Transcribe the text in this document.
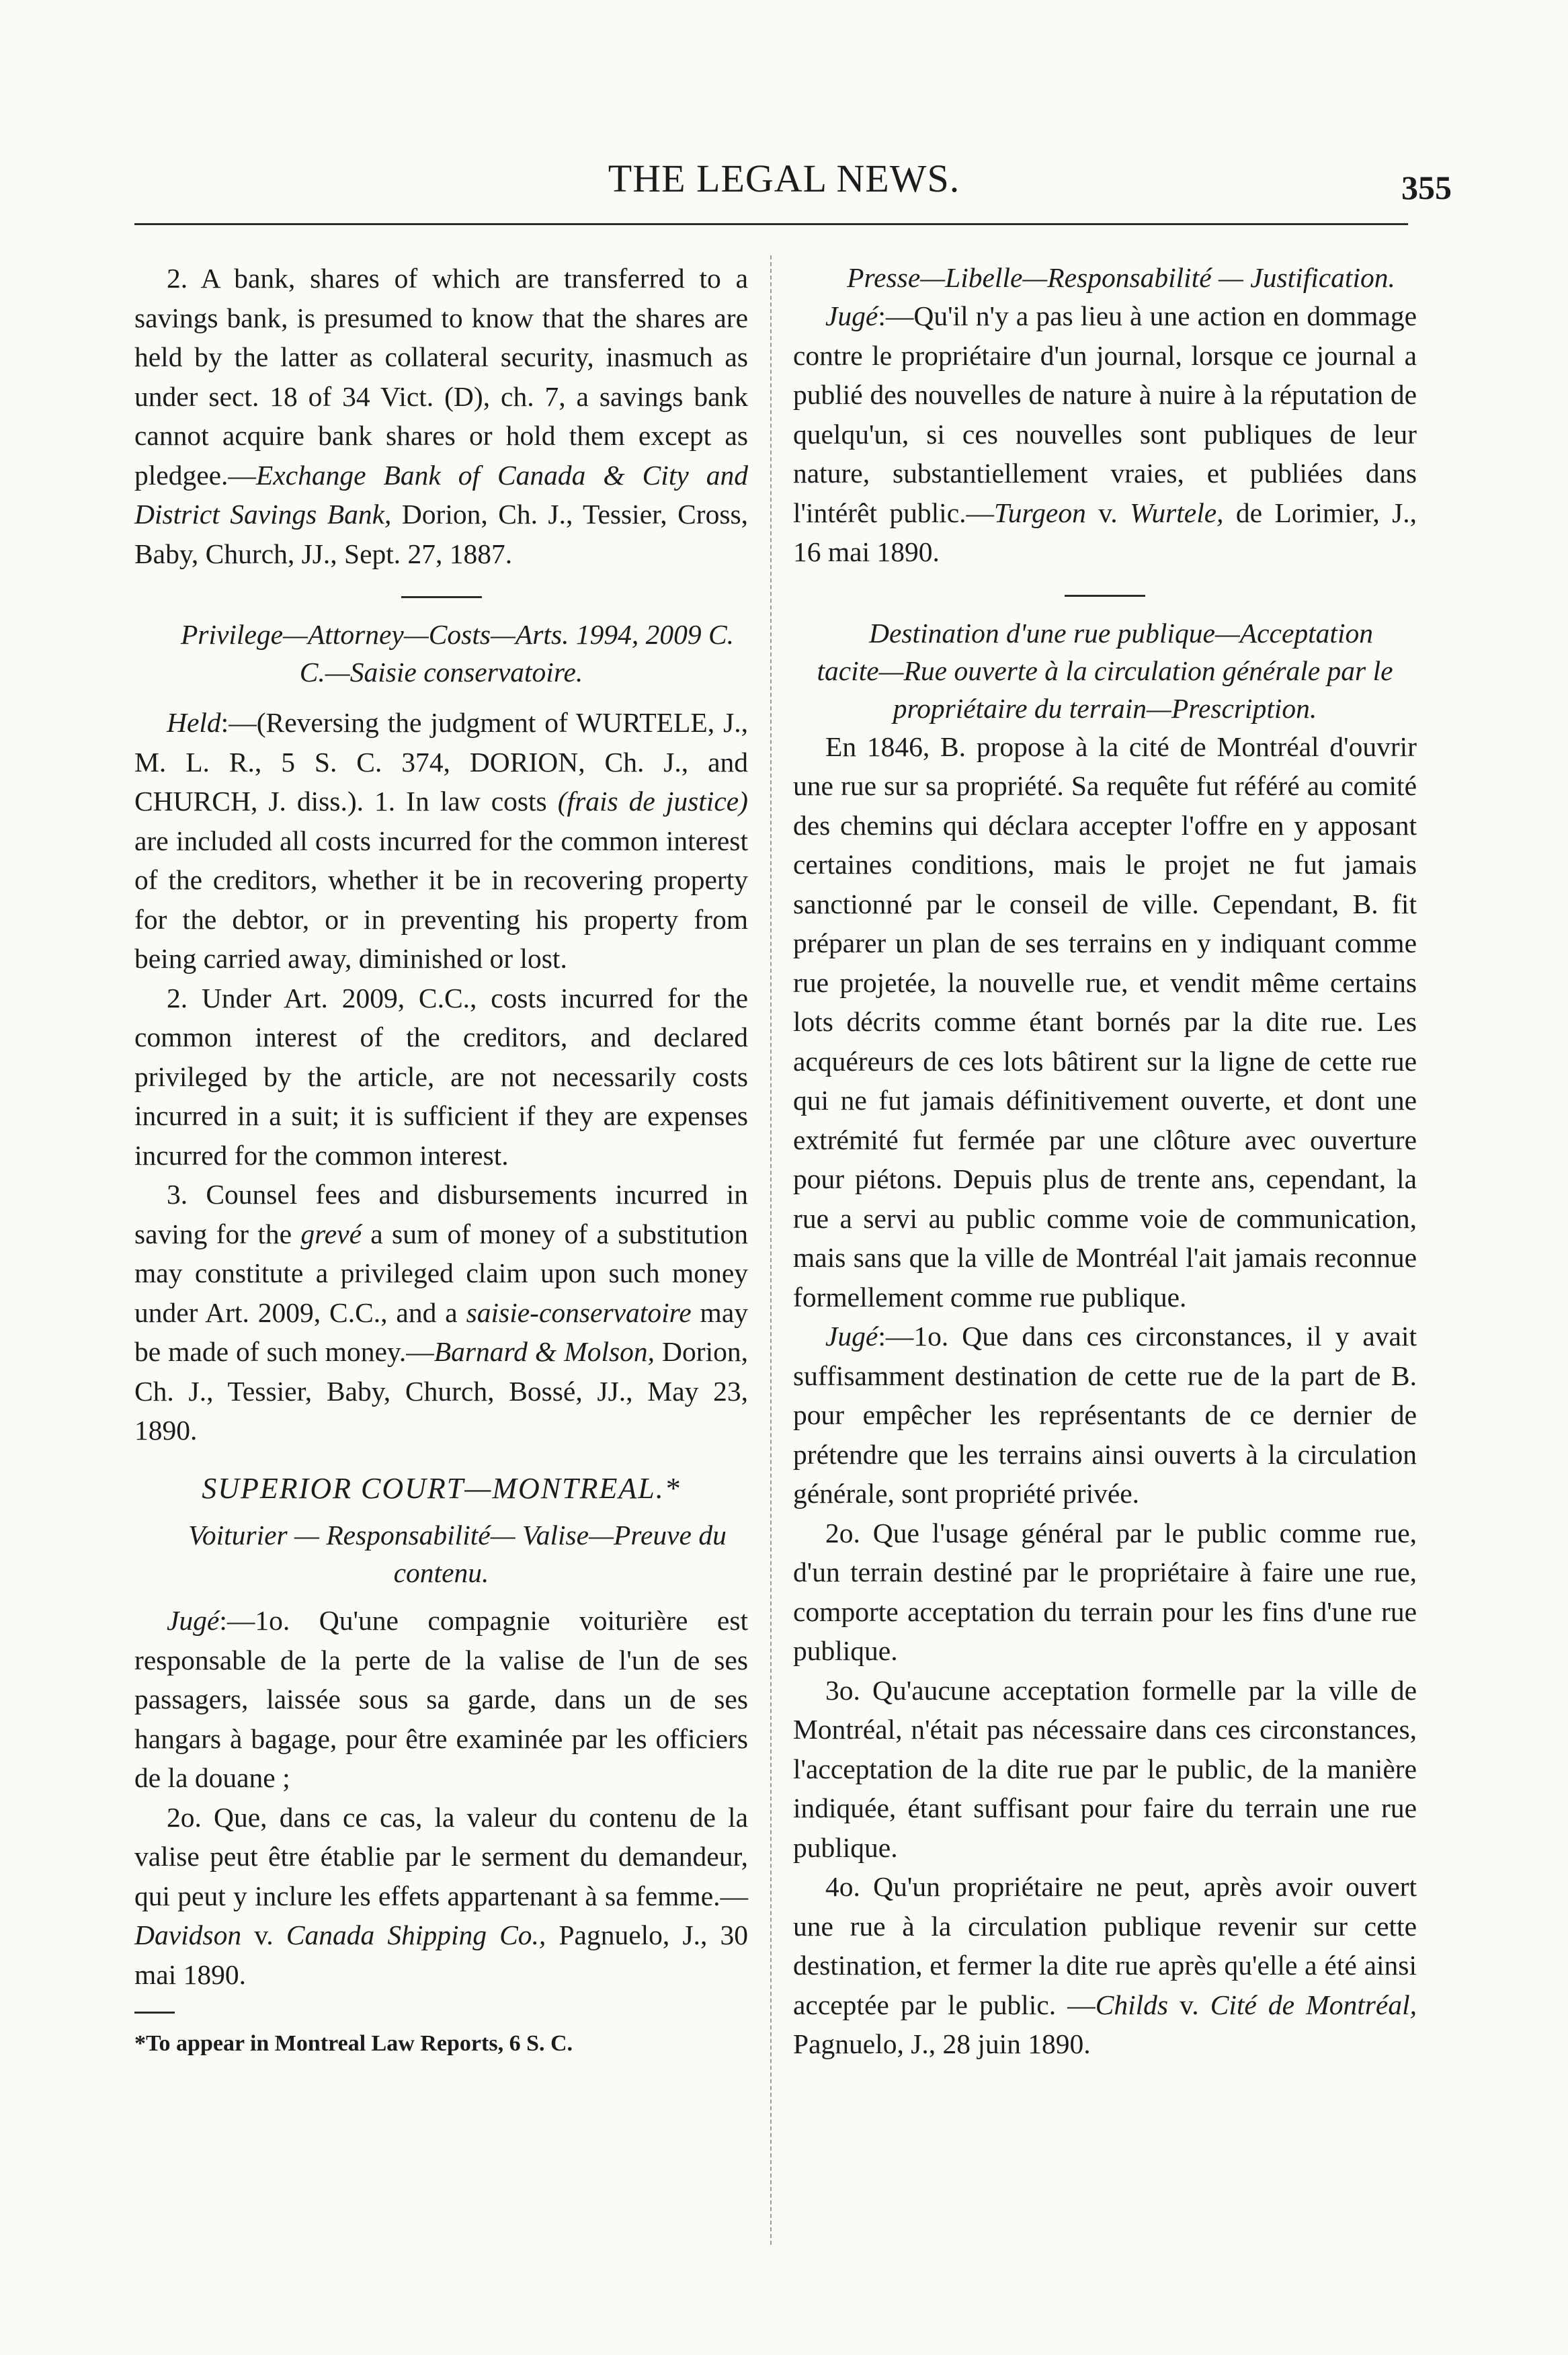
THE LEGAL NEWS.	355

2. A bank, shares of which are transferred to a savings bank, is presumed to know that the shares are held by the latter as collateral security, inasmuch as under sect. 18 of 34 Vict. (D), ch. 7, a savings bank cannot acquire bank shares or hold them except as pledgee.—Exchange Bank of Canada & City and District Savings Bank, Dorion, Ch. J., Tessier, Cross, Baby, Church, JJ., Sept. 27, 1887.

Privilege—Attorney—Costs—Arts. 1994, 2009 C. C.—Saisie conservatoire.

Held:—(Reversing the judgment of WURTELE, J., M. L. R., 5 S. C. 374, DORION, Ch. J., and CHURCH, J. diss.). 1. In law costs (frais de justice) are included all costs incurred for the common interest of the creditors, whether it be in recovering property for the debtor, or in preventing his property from being carried away, diminished or lost.

2. Under Art. 2009, C.C., costs incurred for the common interest of the creditors, and declared privileged by the article, are not necessarily costs incurred in a suit; it is sufficient if they are expenses incurred for the common interest.

3. Counsel fees and disbursements incurred in saving for the grevé a sum of money of a substitution may constitute a privileged claim upon such money under Art. 2009, C.C., and a saisie-conservatoire may be made of such money.—Barnard & Molson, Dorion, Ch. J., Tessier, Baby, Church, Bossé, JJ., May 23, 1890.

SUPERIOR COURT—MONTREAL.*

Voiturier — Responsabilité— Valise—Preuve du contenu.

Jugé:—1o. Qu'une compagnie voiturière est responsable de la perte de la valise de l'un de ses passagers, laissée sous sa garde, dans un de ses hangars à bagage, pour être examinée par les officiers de la douane ;

2o. Que, dans ce cas, la valeur du contenu de la valise peut être établie par le serment du demandeur, qui peut y inclure les effets appartenant à sa femme.—Davidson v. Canada Shipping Co., Pagnuelo, J., 30 mai 1890.

*To appear in Montreal Law Reports, 6 S. C.

Presse—Libelle—Responsabilité — Justification.

Jugé:—Qu'il n'y a pas lieu à une action en dommage contre le propriétaire d'un journal, lorsque ce journal a publié des nouvelles de nature à nuire à la réputation de quelqu'un, si ces nouvelles sont publiques de leur nature, substantiellement vraies, et publiées dans l'intérêt public.—Turgeon v. Wurtele, de Lorimier, J., 16 mai 1890.

Destination d'une rue publique—Acceptation tacite—Rue ouverte à la circulation générale par le propriétaire du terrain—Prescription.

En 1846, B. propose à la cité de Montréal d'ouvrir une rue sur sa propriété. Sa requête fut référé au comité des chemins qui déclara accepter l'offre en y apposant certaines conditions, mais le projet ne fut jamais sanctionné par le conseil de ville. Cependant, B. fit préparer un plan de ses terrains en y indiquant comme rue projetée, la nouvelle rue, et vendit même certains lots décrits comme étant bornés par la dite rue. Les acquéreurs de ces lots bâtirent sur la ligne de cette rue qui ne fut jamais définitivement ouverte, et dont une extrémité fut fermée par une clôture avec ouverture pour piétons. Depuis plus de trente ans, cependant, la rue a servi au public comme voie de communication, mais sans que la ville de Montréal l'ait jamais reconnue formellement comme rue publique.

Jugé:—1o. Que dans ces circonstances, il y avait suffisamment destination de cette rue de la part de B. pour empêcher les représentants de ce dernier de prétendre que les terrains ainsi ouverts à la circulation générale, sont propriété privée.

2o. Que l'usage général par le public comme rue, d'un terrain destiné par le propriétaire à faire une rue, comporte acceptation du terrain pour les fins d'une rue publique.

3o. Qu'aucune acceptation formelle par la ville de Montréal, n'était pas nécessaire dans ces circonstances, l'acceptation de la dite rue par le public, de la manière indiquée, étant suffisant pour faire du terrain une rue publique.

4o. Qu'un propriétaire ne peut, après avoir ouvert une rue à la circulation publique revenir sur cette destination, et fermer la dite rue après qu'elle a été ainsi acceptée par le public. —Childs v. Cité de Montréal, Pagnuelo, J., 28 juin 1890.
